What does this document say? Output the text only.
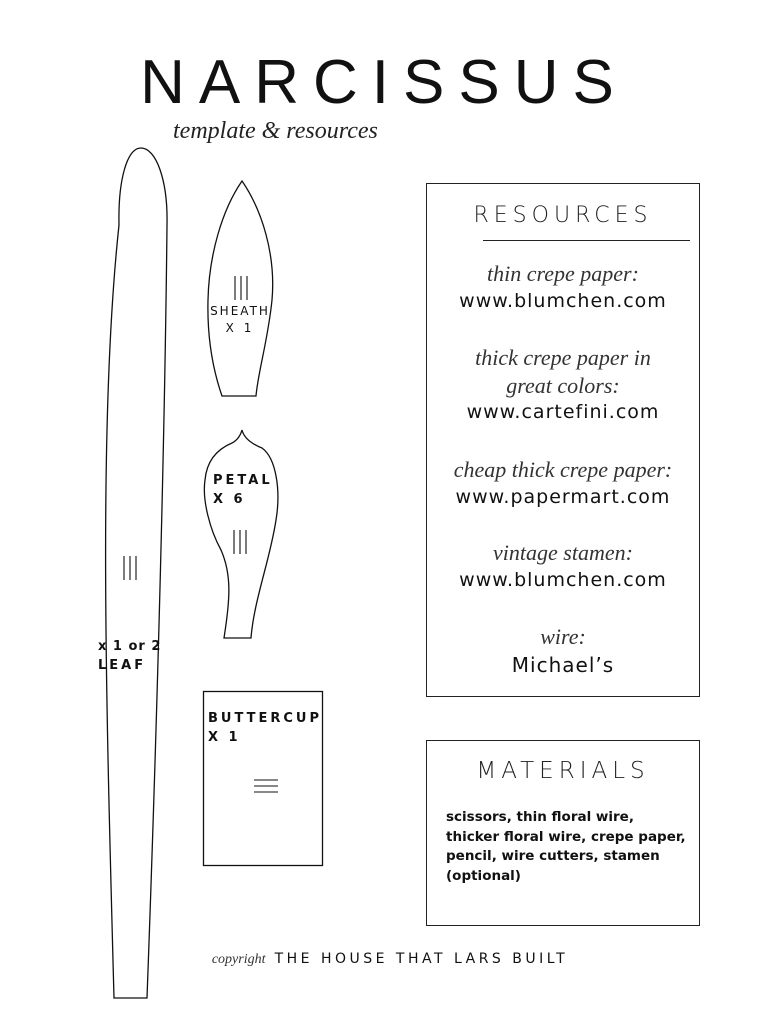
NARCISSUS
template & resources
x 1 or 2
LEAF
SHEATH
X 1
PETAL
X 6
BUTTERCUP
X 1
RESOURCES
thin crepe paper:
www.blumchen.com
thick crepe paper in
great colors:
www.cartefini.com
cheap thick crepe paper:
www.papermart.com
vintage stamen:
www.blumchen.com
wire:
Michael’s
MATERIALS
scissors, thin floral wire, thicker floral wire, crepe paper, pencil, wire cutters, stamen (optional)
copyright THE HOUSE THAT LARS BUILT
